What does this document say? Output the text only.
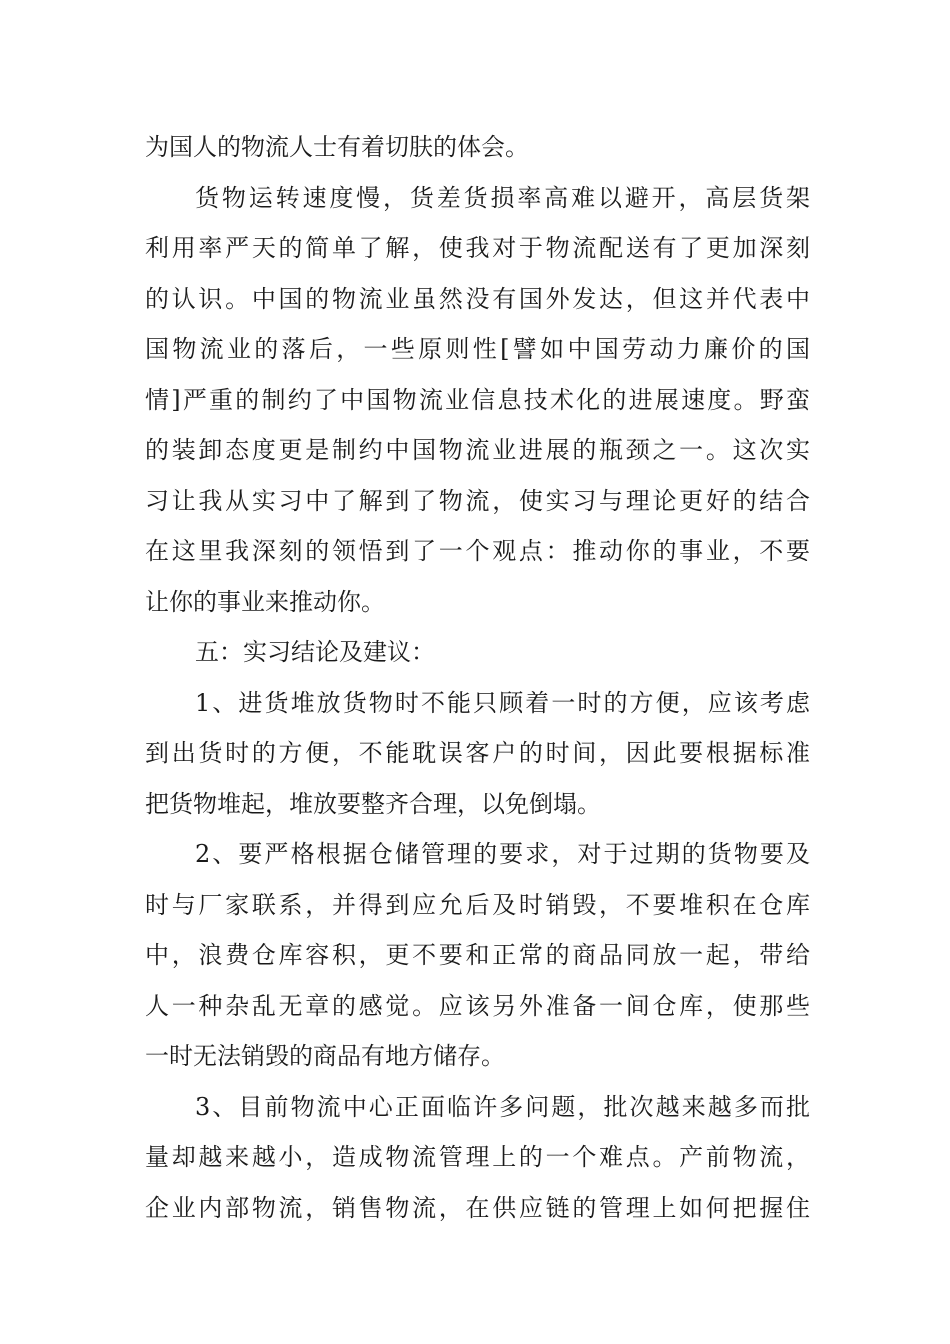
为国人的物流人士有着切肤的体会。
货物运转速度慢，货差货损率高难以避开，高层货架
利用率严天的简单了解，使我对于物流配送有了更加深刻
的认识。中国的物流业虽然没有国外发达，但这并代表中
国物流业的落后，一些原则性[譬如中国劳动力廉价的国
情]严重的制约了中国物流业信息技术化的进展速度。野蛮
的装卸态度更是制约中国物流业进展的瓶颈之一。这次实
习让我从实习中了解到了物流，使实习与理论更好的结合
在这里我深刻的领悟到了一个观点：推动你的事业，不要
让你的事业来推动你。
五：实习结论及建议：
1、进货堆放货物时不能只顾着一时的方便，应该考虑
到出货时的方便，不能耽误客户的时间，因此要根据标准
把货物堆起，堆放要整齐合理，以免倒塌。
2、要严格根据仓储管理的要求，对于过期的货物要及
时与厂家联系，并得到应允后及时销毁，不要堆积在仓库
中，浪费仓库容积，更不要和正常的商品同放一起，带给
人一种杂乱无章的感觉。应该另外准备一间仓库，使那些
一时无法销毁的商品有地方储存。
3、目前物流中心正面临许多问题，批次越来越多而批
量却越来越小，造成物流管理上的一个难点。产前物流，
企业内部物流，销售物流，在供应链的管理上如何把握住
